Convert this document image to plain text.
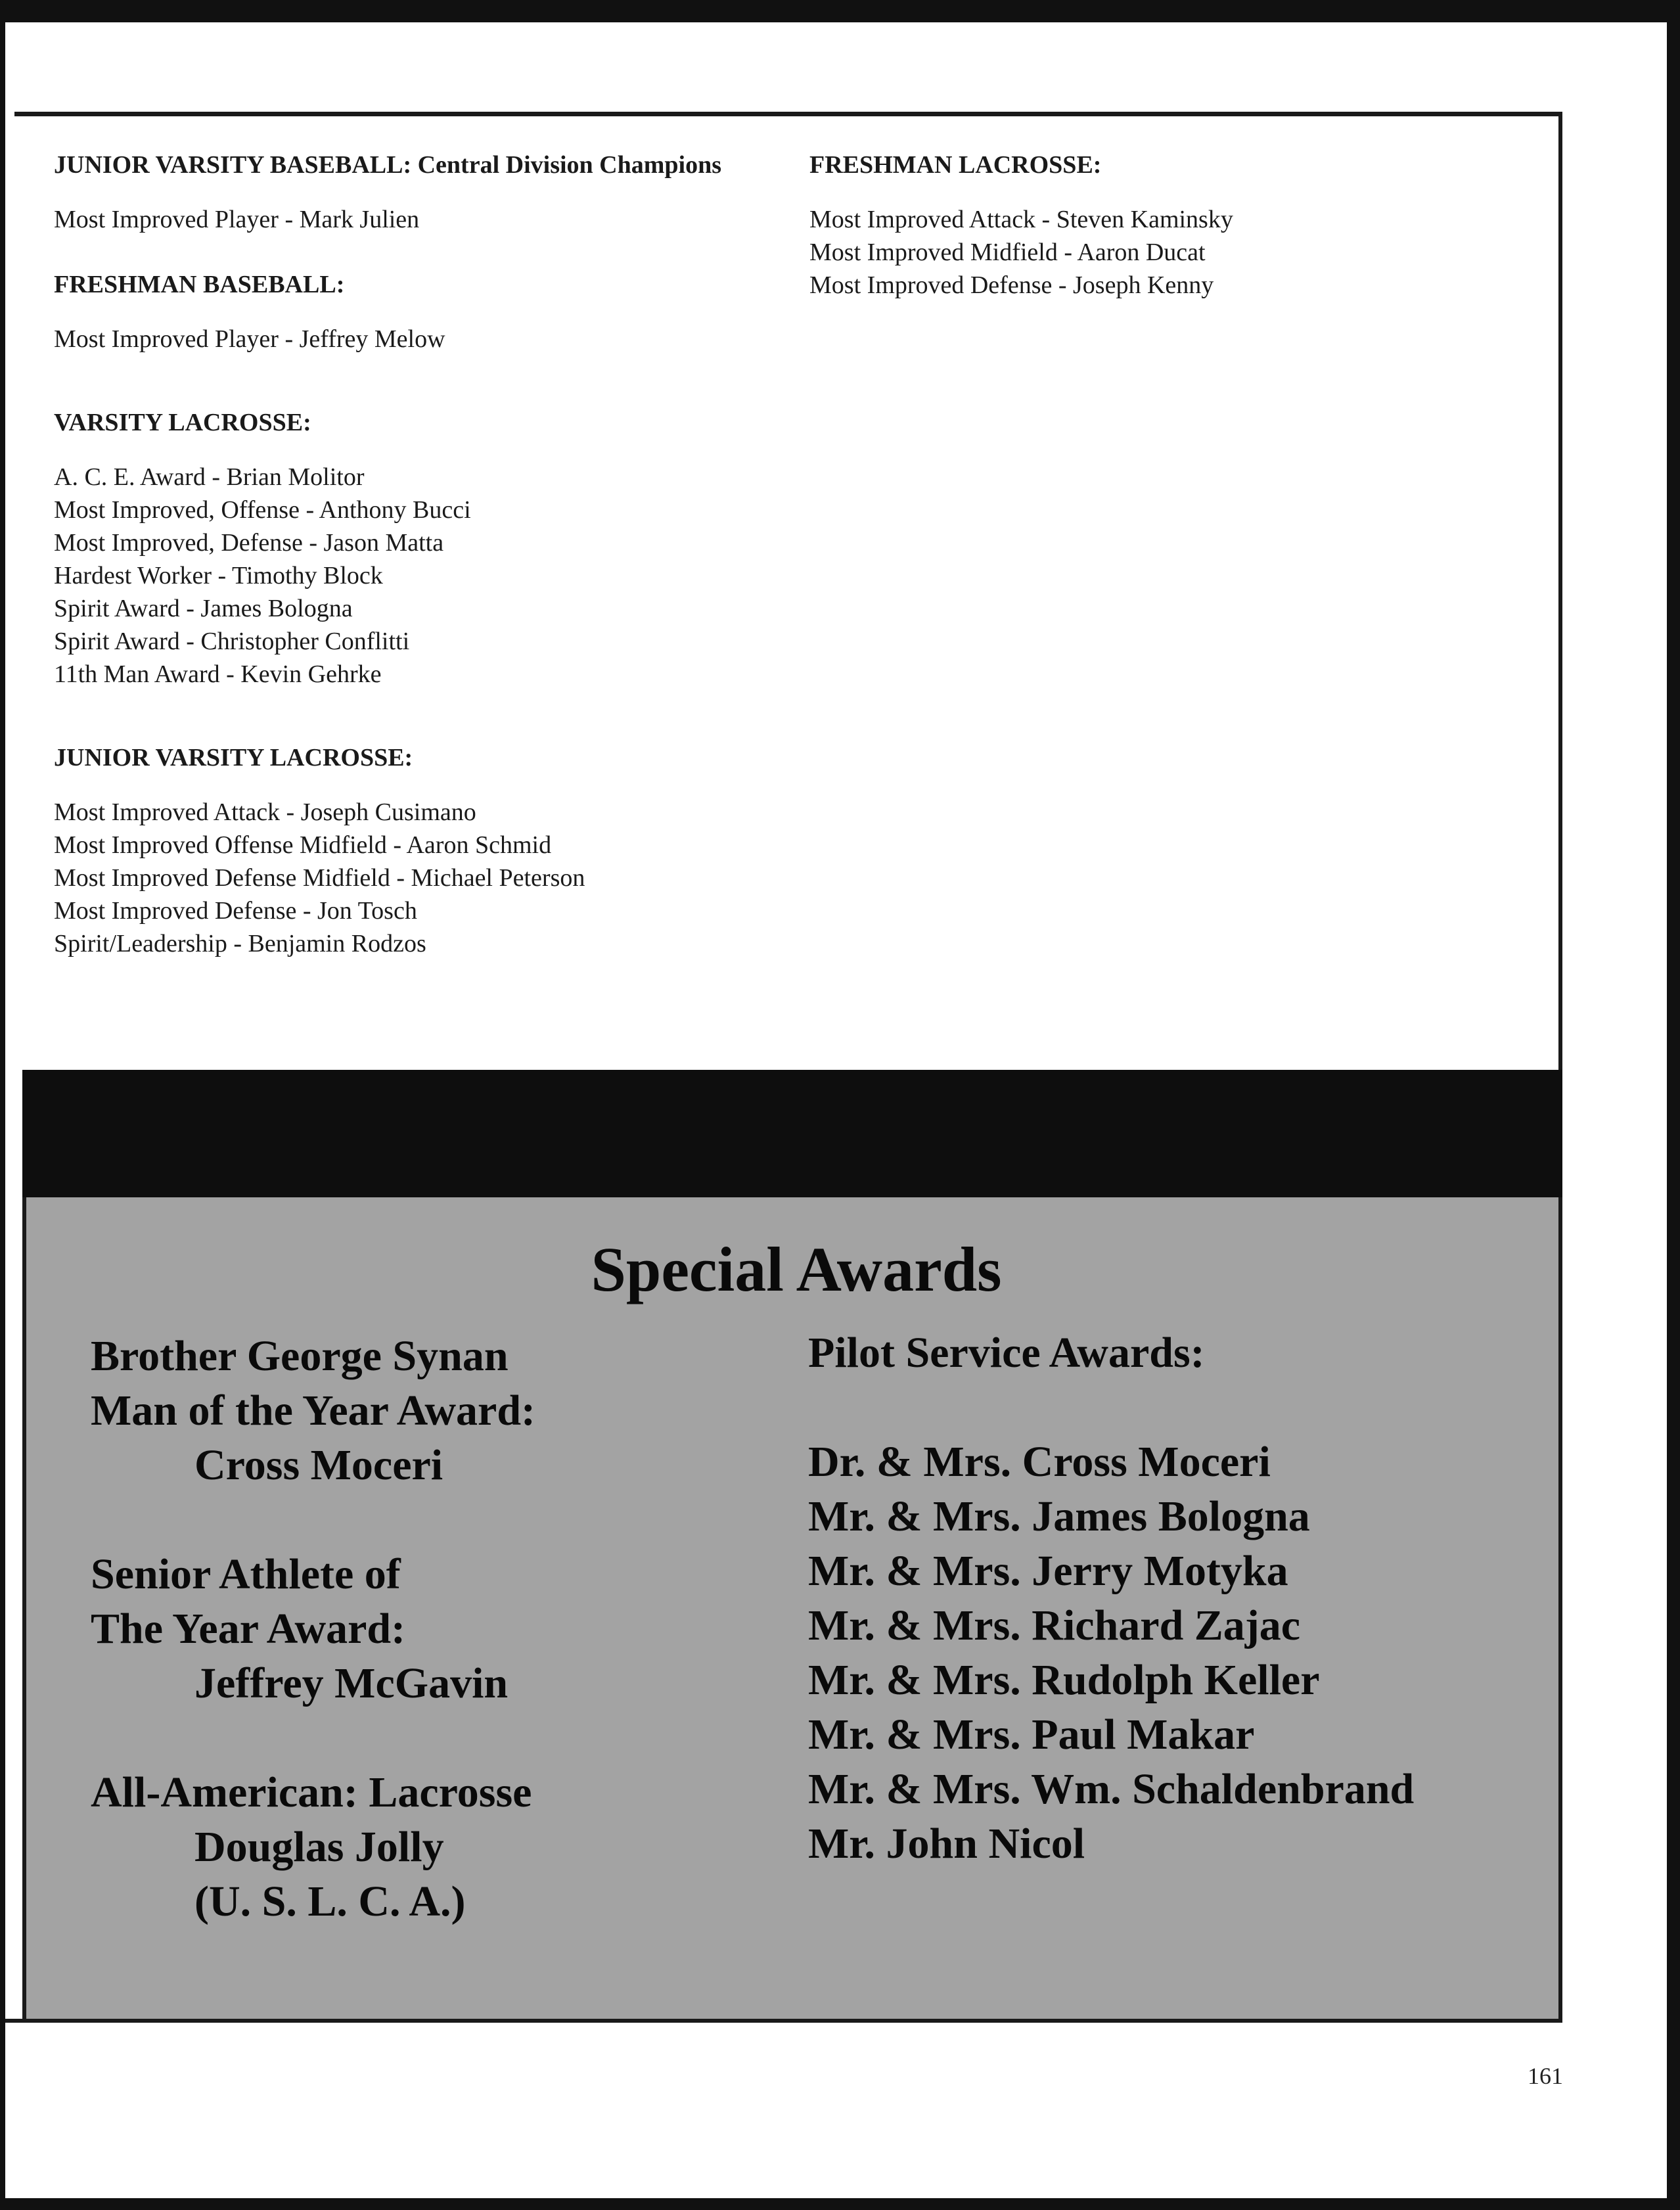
JUNIOR VARSITY BASEBALL: Central Division Champions

Most Improved Player - Mark Julien

FRESHMAN BASEBALL:

Most Improved Player - Jeffrey Melow

VARSITY LACROSSE:

A. C. E. Award - Brian Molitor

Most Improved, Offense - Anthony Bucci

Most Improved, Defense - Jason Matta

Hardest Worker - Timothy Block

Spirit Award - James Bologna

Spirit Award - Christopher Conflitti

11th Man Award - Kevin Gehrke

JUNIOR VARSITY LACROSSE:

Most Improved Attack - Joseph Cusimano

Most Improved Offense Midfield - Aaron Schmid

Most Improved Defense Midfield - Michael Peterson

Most Improved Defense - Jon Tosch

Spirit/Leadership - Benjamin Rodzos

FRESHMAN LACROSSE:

Most Improved Attack - Steven Kaminsky

Most Improved Midfield - Aaron Ducat

Most Improved Defense - Joseph Kenny

Special Awards

Brother George Synan

Man of the Year Award:

Cross Moceri

Senior Athlete of

The Year Award:

Jeffrey McGavin

All-American: Lacrosse

Douglas Jolly

(U. S. L. C. A.)

Pilot Service Awards:

Dr. & Mrs. Cross Moceri

Mr. & Mrs. James Bologna

Mr. & Mrs. Jerry Motyka

Mr. & Mrs. Richard Zajac

Mr. & Mrs. Rudolph Keller

Mr. & Mrs. Paul Makar

Mr. & Mrs. Wm. Schaldenbrand

Mr. John Nicol

161
